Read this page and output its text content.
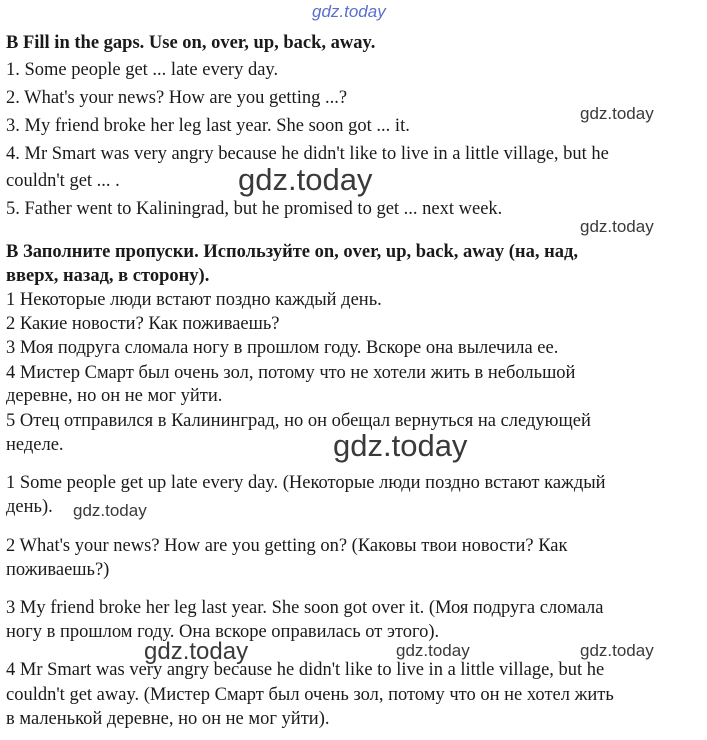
gdz.today
gdz.today
gdz.today
gdz.today
gdz.today
gdz.today
gdz.today	gdz.today	gdz.today
B Fill in the gaps. Use on, over, up, back, away.
1. Some people get ... late every day.
2. What's your news? How are you getting ...?
3. My friend broke her leg last year. She soon got ... it.
4. Mr Smart was very angry because he didn't like to live in a little village, but he
couldn't get ... .
5. Father went to Kaliningrad, but he promised to get ... next week.
В Заполните пропуски. Используйте on, over, up, back, away (на, над,
вверх, назад, в сторону).
1 Некоторые люди встают поздно каждый день.
2 Какие новости? Как поживаешь?
3 Моя подруга сломала ногу в прошлом году. Вскоре она вылечила ее.
4 Мистер Смарт был очень зол, потому что не хотели жить в небольшой
деревне, но он не мог уйти.
5 Отец отправился в Калининград, но он обещал вернуться на следующей
неделе.
1 Some people get up late every day. (Некоторые люди поздно встают каждый
день).
2 What's your news? How are you getting on? (Каковы твои новости? Как
поживаешь?)
3 My friend broke her leg last year. She soon got over it. (Моя подруга сломала
ногу в прошлом году. Она вскоре оправилась от этого).
4 Mr Smart was very angry because he didn't like to live in a little village, but he
couldn't get away. (Мистер Смарт был очень зол, потому что он не хотел жить
в маленькой деревне, но он не мог уйти).
